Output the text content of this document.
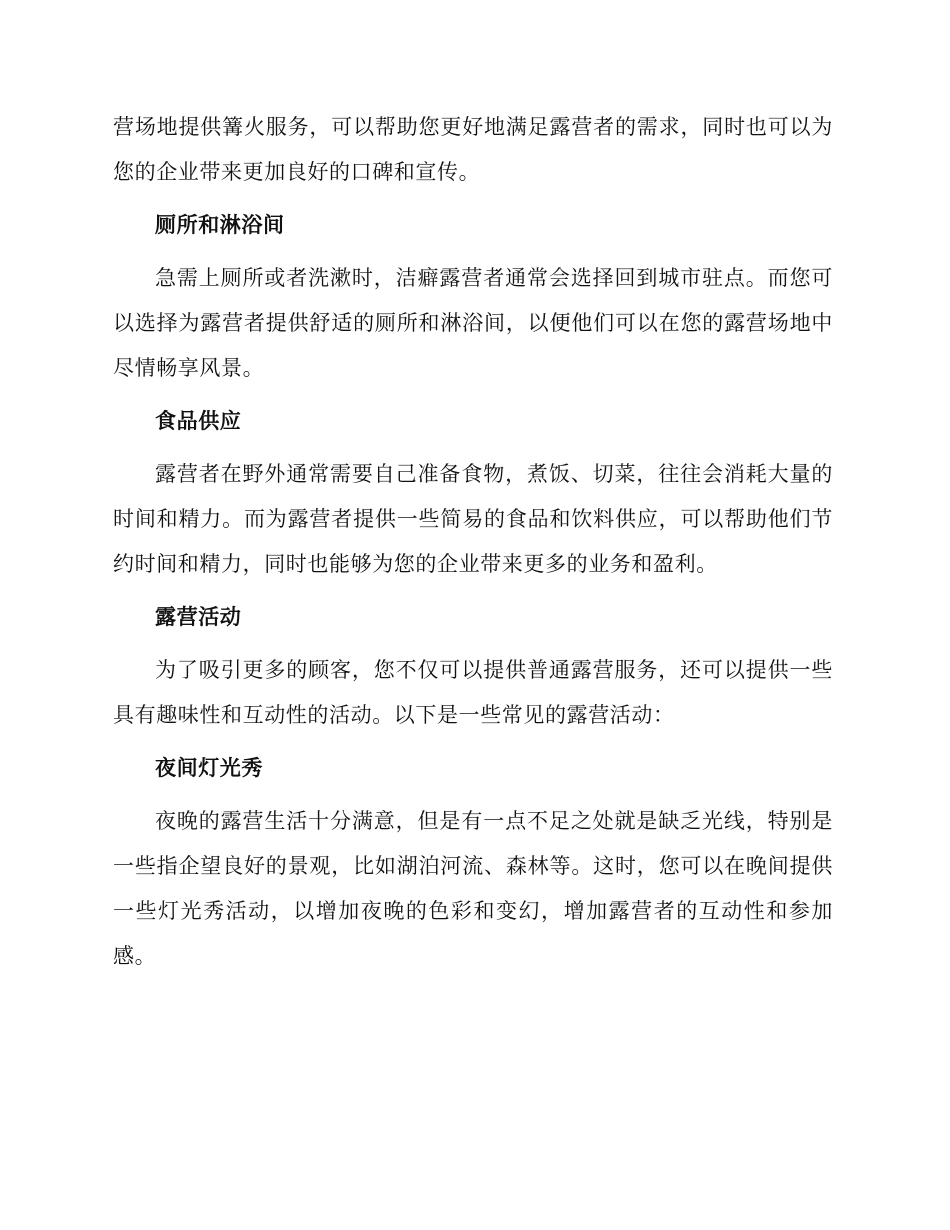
营场地提供篝火服务，可以帮助您更好地满足露营者的需求，同时也可以为您的企业带来更加良好的口碑和宣传。

厕所和淋浴间

急需上厕所或者洗漱时，洁癖露营者通常会选择回到城市驻点。而您可以选择为露营者提供舒适的厕所和淋浴间，以便他们可以在您的露营场地中尽情畅享风景。

食品供应

露营者在野外通常需要自己准备食物，煮饭、切菜，往往会消耗大量的时间和精力。而为露营者提供一些简易的食品和饮料供应，可以帮助他们节约时间和精力，同时也能够为您的企业带来更多的业务和盈利。

露营活动

为了吸引更多的顾客，您不仅可以提供普通露营服务，还可以提供一些具有趣味性和互动性的活动。以下是一些常见的露营活动：

夜间灯光秀

夜晚的露营生活十分满意，但是有一点不足之处就是缺乏光线，特别是一些指企望良好的景观，比如湖泊河流、森林等。这时，您可以在晚间提供一些灯光秀活动，以增加夜晚的色彩和变幻，增加露营者的互动性和参加感。
